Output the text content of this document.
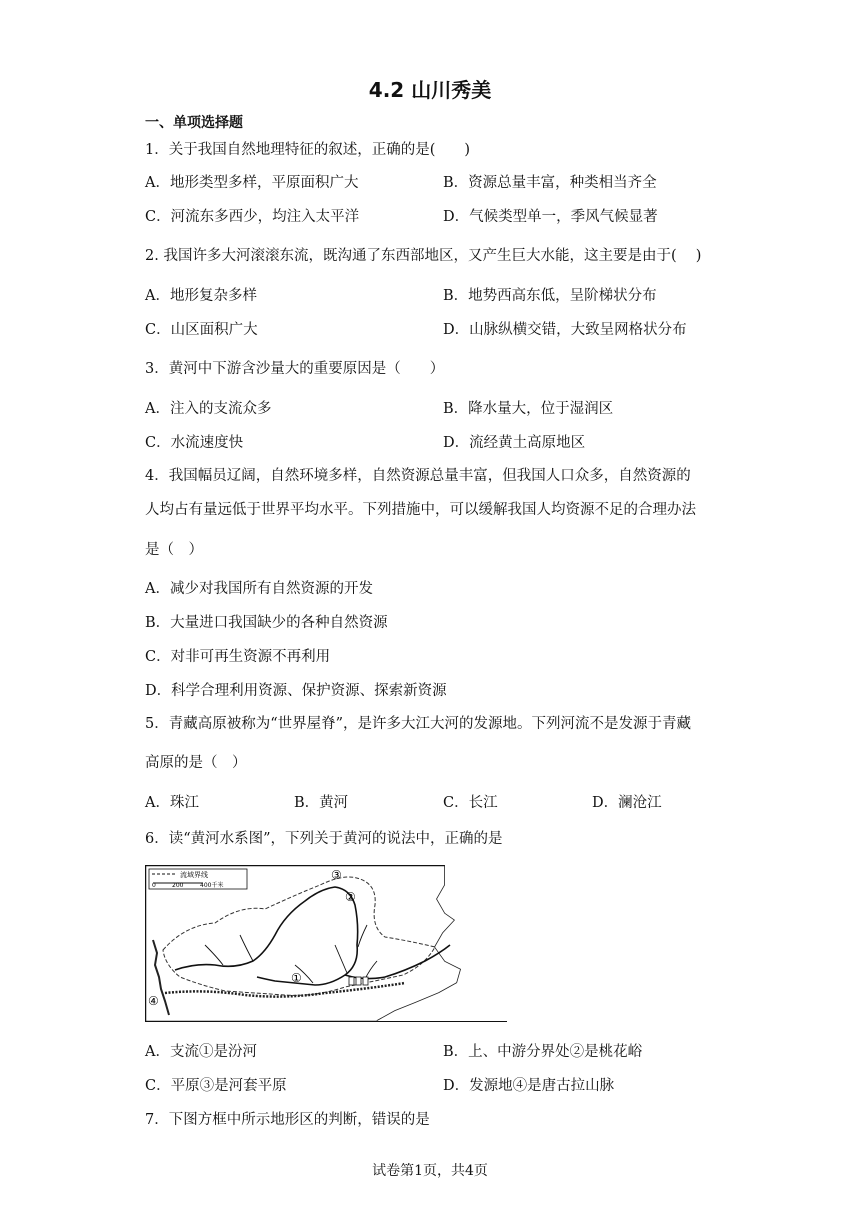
4.2 山川秀美
一、单项选择题
1．关于我国自然地理特征的叙述，正确的是(　　)
A．地形类型多样，平原面积广大	B．资源总量丰富，种类相当齐全
C．河流东多西少，均注入太平洋	D．气候类型单一，季风气候显著
2. 我国许多大河滚滚东流，既沟通了东西部地区，又产生巨大水能，这主要是由于(　 )
A．地形复杂多样	B．地势西高东低，呈阶梯状分布
C．山区面积广大	D．山脉纵横交错，大致呈网格状分布
3．黄河中下游含沙量大的重要原因是（　　）
A．注入的支流众多	B．降水量大，位于湿润区
C．水流速度快	D．流经黄土高原地区
4．我国幅员辽阔，自然环境多样，自然资源总量丰富，但我国人口众多，自然资源的
人均占有量远低于世界平均水平。下列措施中，可以缓解我国人均资源不足的合理办法
是（　）
A．减少对我国所有自然资源的开发
B．大量进口我国缺少的各种自然资源
C．对非可再生资源不再利用
D．科学合理利用资源、保护资源、探索新资源
5．青藏高原被称为“世界屋脊”，是许多大江大河的发源地。下列河流不是发源于青藏
高原的是（　）
A．珠江	B．黄河	C．长江	D．澜沧江
6．读“黄河水系图”，下列关于黄河的说法中，正确的是
流域界线
0	200	400千米
①
②
③
④
A．支流①是汾河	B．上、中游分界处②是桃花峪
C．平原③是河套平原	D．发源地④是唐古拉山脉
7．下图方框中所示地形区的判断，错误的是
试卷第1页，共4页
